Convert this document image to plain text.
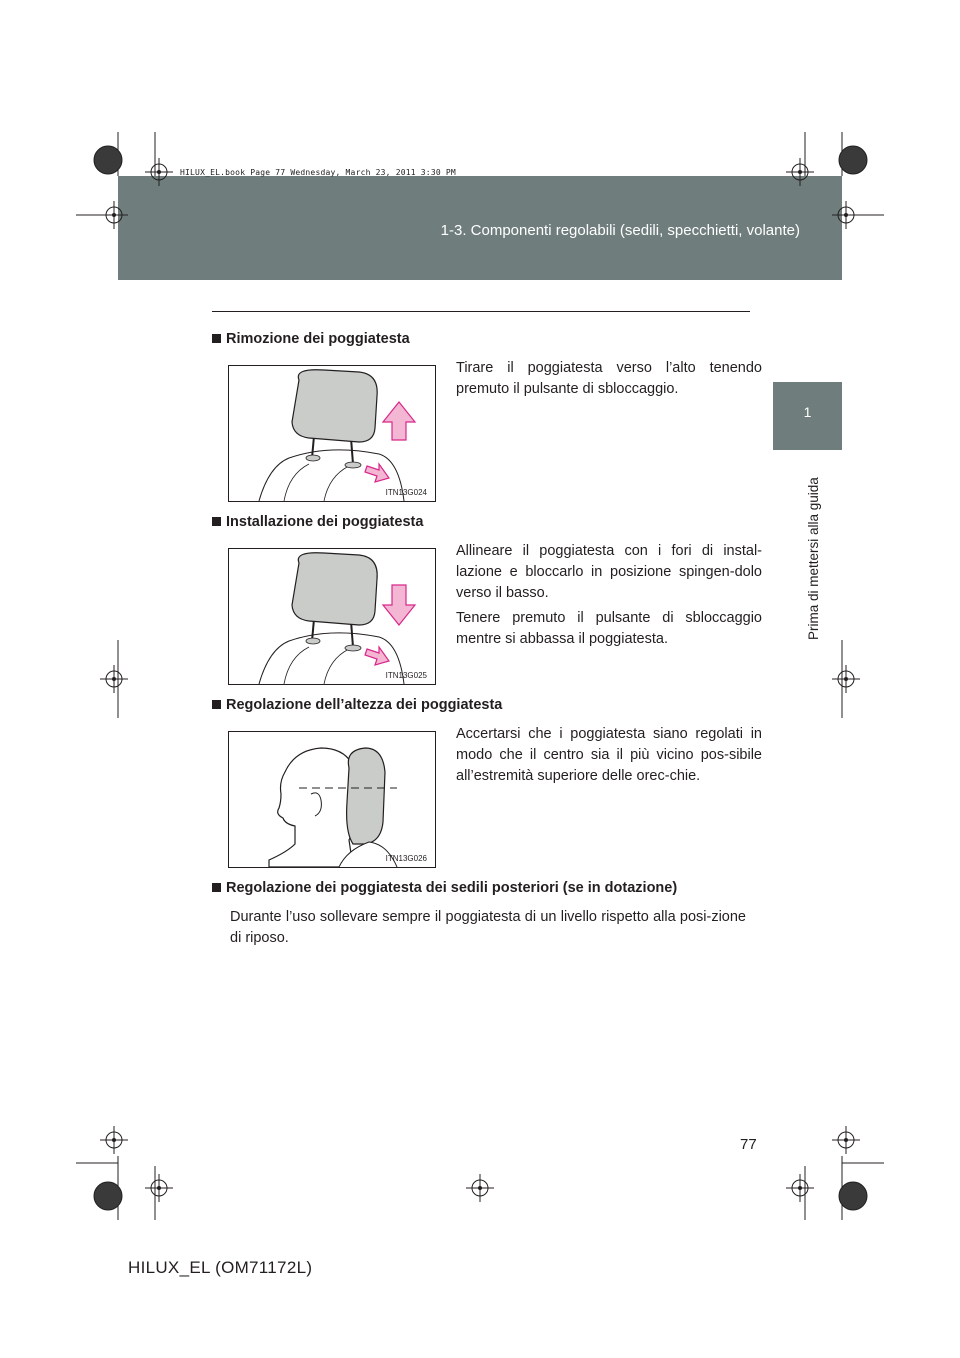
1-3. Componenti regolabili (sedili, specchietti, volante)
HILUX_EL.book Page 77 Wednesday, March 23, 2011 3:30 PM
1
Prima di mettersi alla guida
Rimozione dei poggiatesta
ITN13G024
Tirare il poggiatesta verso l’alto tenendo premuto il pulsante di sbloccaggio.
Installazione dei poggiatesta
ITN13G025
Allineare il poggiatesta con i fori di instal-lazione e bloccarlo in posizione spingen-dolo verso il basso.
Tenere premuto il pulsante di sbloccaggio mentre si abbassa il poggiatesta.
Regolazione dell’altezza dei poggiatesta
ITN13G026
Accertarsi che i poggiatesta siano regolati in modo che il centro sia il più vicino pos-sibile all’estremità superiore delle orec-chie.
Regolazione dei poggiatesta dei sedili posteriori (se in dotazione)
Durante l’uso sollevare sempre il poggiatesta di un livello rispetto alla posi-zione di riposo.
77
HILUX_EL (OM71172L)
